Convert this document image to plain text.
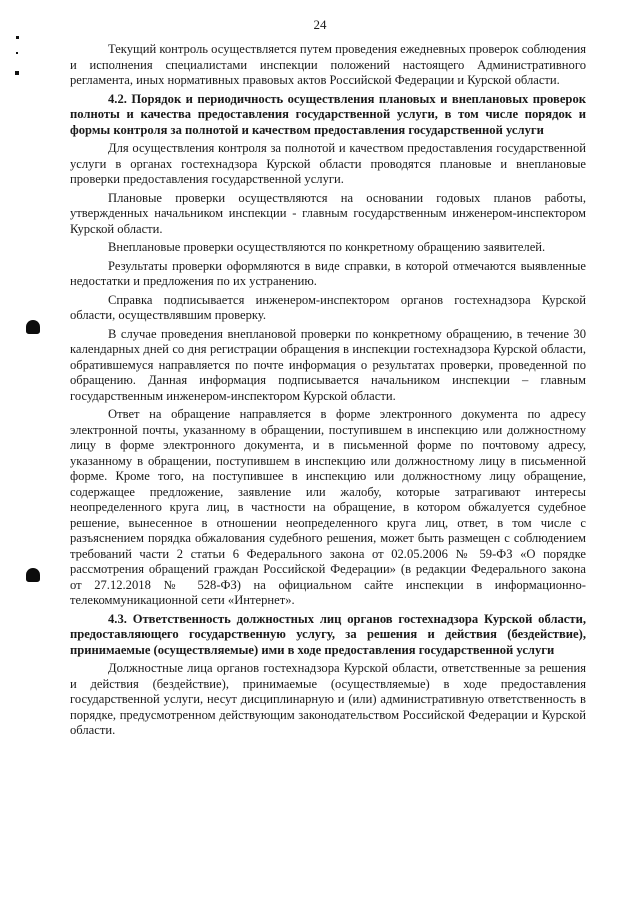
24

Текущий контроль осуществляется путем проведения ежедневных проверок соблюдения и исполнения специалистами инспекции положений настоящего Административного регламента, иных нормативных правовых актов Российской Федерации и Курской области.

4.2. Порядок и периодичность осуществления плановых и внеплановых проверок полноты и качества предоставления государственной услуги, в том числе порядок и формы контроля за полнотой и качеством предоставления государственной услуги

Для осуществления контроля за полнотой и качеством предоставления государственной услуги в органах гостехнадзора Курской области проводятся плановые и внеплановые проверки предоставления государственной услуги.

Плановые проверки осуществляются на основании годовых планов работы, утвержденных начальником инспекции - главным государственным инженером-инспектором Курской области.

Внеплановые проверки осуществляются по конкретному обращению заявителей.

Результаты проверки оформляются в виде справки, в которой отмечаются выявленные недостатки и предложения по их устранению.

Справка подписывается инженером-инспектором органов гостехнадзора Курской области, осуществлявшим проверку.

В случае проведения внеплановой проверки по конкретному обращению, в течение 30 календарных дней со дня регистрации обращения в инспекции гостехнадзора Курской области, обратившемуся направляется по почте информация о результатах проверки, проведенной по обращению. Данная информация подписывается начальником инспекции – главным государственным инженером-инспектором Курской области.

Ответ на обращение направляется в форме электронного документа по адресу электронной почты, указанному в обращении, поступившем в инспекцию или должностному лицу в форме электронного документа, и в письменной форме по почтовому адресу, указанному в обращении, поступившем в инспекцию или должностному лицу в письменной форме. Кроме того, на поступившее в инспекцию или должностному лицу обращение, содержащее предложение, заявление или жалобу, которые затрагивают интересы неопределенного круга лиц, в частности на обращение, в котором обжалуется судебное решение, вынесенное в отношении неопределенного круга лиц, ответ, в том числе с разъяснением порядка обжалования судебного решения, может быть размещен с соблюдением требований части 2 статьи 6 Федерального закона от 02.05.2006 № 59-ФЗ «О порядке рассмотрения обращений граждан Российской Федерации» (в редакции Федерального закона от 27.12.2018 № 528-ФЗ) на официальном сайте инспекции в информационно-телекоммуникационной сети «Интернет».

4.3. Ответственность должностных лиц органов гостехнадзора Курской области, предоставляющего государственную услугу, за решения и действия (бездействие), принимаемые (осуществляемые) ими в ходе предоставления государственной услуги

Должностные лица органов гостехнадзора Курской области, ответственные за решения и действия (бездействие), принимаемые (осуществляемые) в ходе предоставления государственной услуги, несут дисциплинарную и (или) административную ответственность в порядке, предусмотренном действующим законодательством Российской Федерации и Курской области.
